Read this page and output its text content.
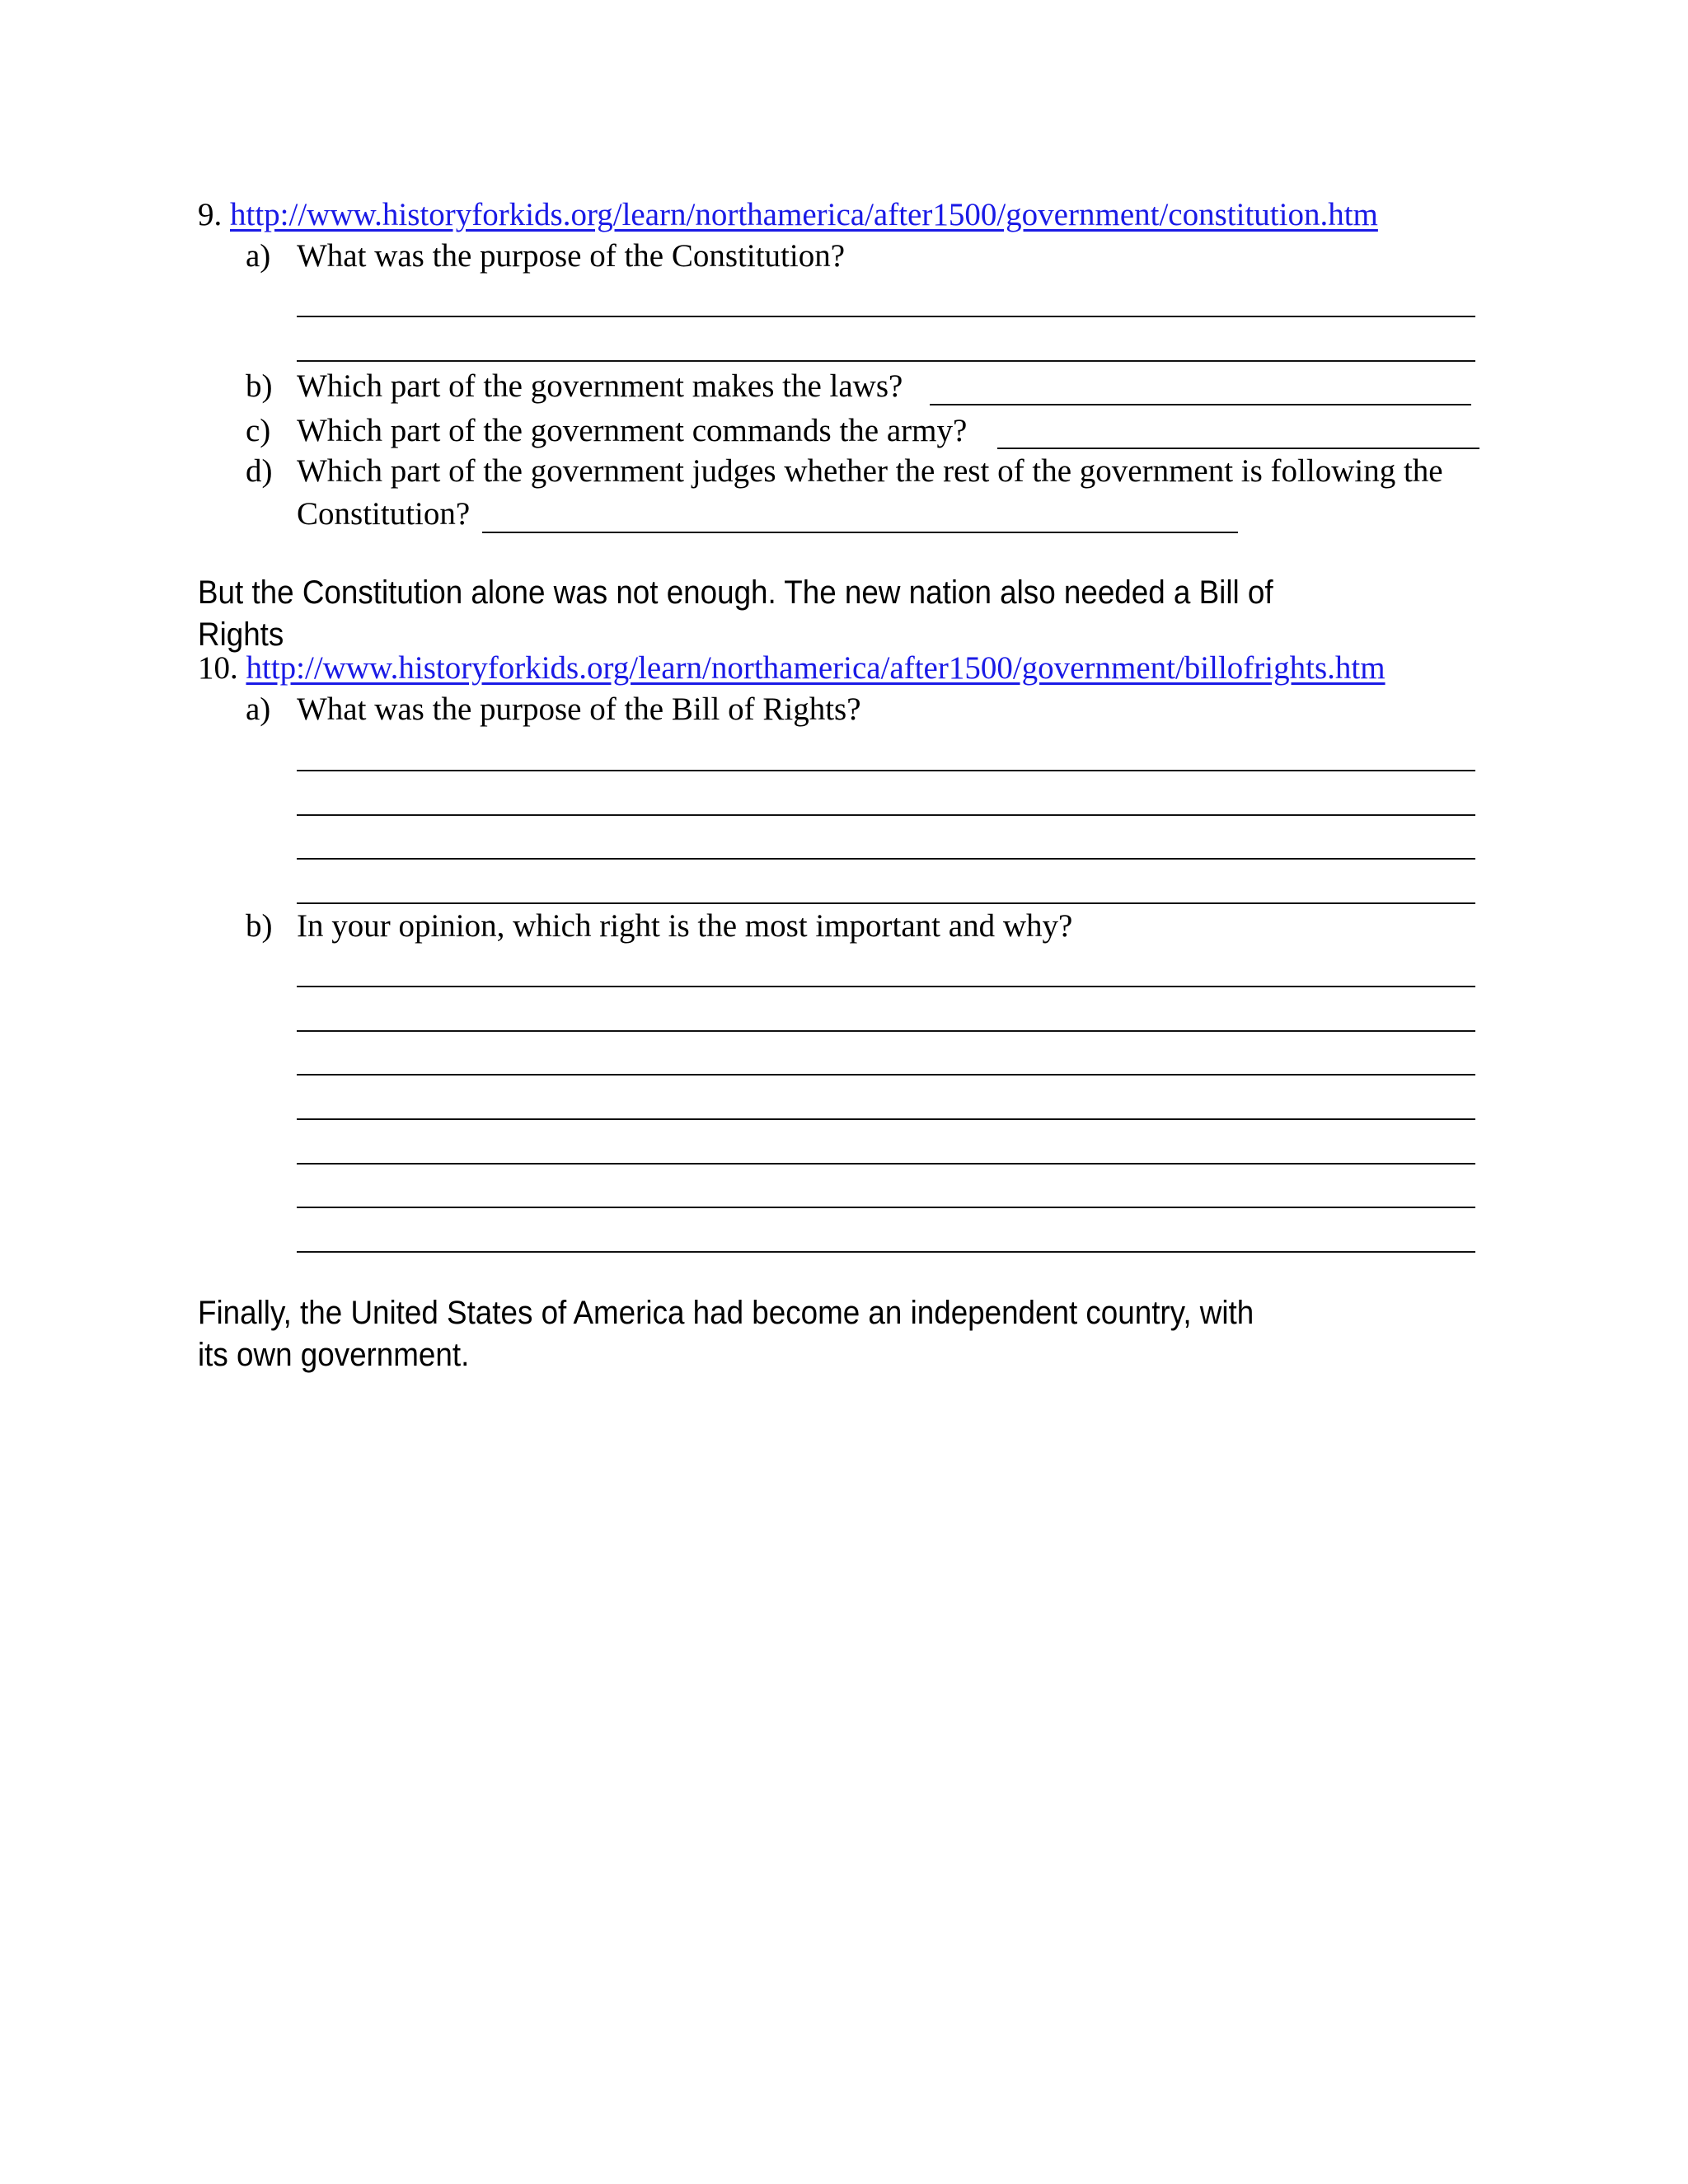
9. http://www.historyforkids.org/learn/northamerica/after1500/government/constitution.htm
a) What was the purpose of the Constitution?
b) Which part of the government makes the laws?
c) Which part of the government commands the army?
d) Which part of the government judges whether the rest of the government is following the
Constitution?
But the Constitution alone was not enough. The new nation also needed a Bill of Rights
10. http://www.historyforkids.org/learn/northamerica/after1500/government/billofrights.htm
a) What was the purpose of the Bill of Rights?
b) In your opinion, which right is the most important and why?
Finally, the United States of America had become an independent country, with its own government.
